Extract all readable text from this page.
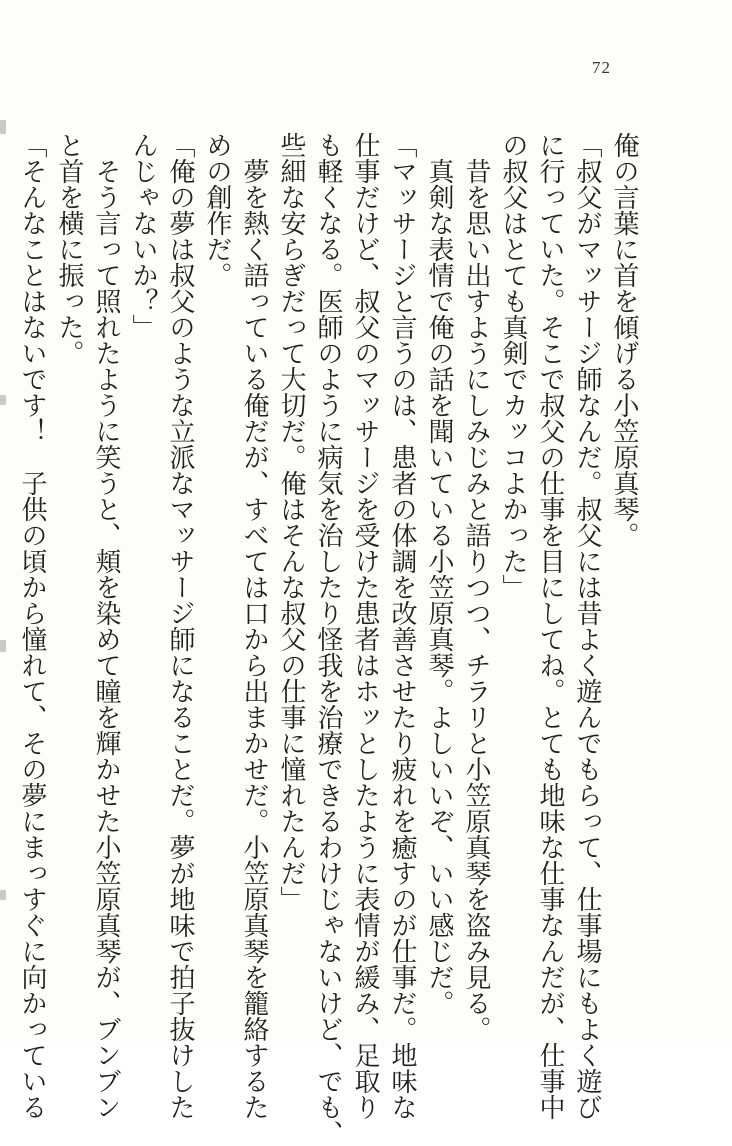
72
俺の言葉に首を傾げる小笠原真琴。
「叔父がマッサージ師なんだ。叔父には昔よく遊んでもらって、仕事場にもよく遊び
に行っていた。そこで叔父の仕事を目にしてね。とても地味な仕事なんだが、仕事中
の叔父はとても真剣でカッコよかった」
　昔を思い出すようにしみじみと語りつつ、チラリと小笠原真琴を盗み見る。
　真剣な表情で俺の話を聞いている小笠原真琴。よしいいぞ、いい感じだ。
「マッサージと言うのは、患者の体調を改善させたり疲れを癒すのが仕事だ。地味な
仕事だけど、叔父のマッサージを受けた患者はホッとしたように表情が緩み、足取り
も軽くなる。医師のように病気を治したり怪我を治療できるわけじゃないけど、でも、
些細な安らぎだって大切だ。俺はそんな叔父の仕事に憧れたんだ」
　夢を熱く語っている俺だが、すべては口から出まかせだ。小笠原真琴を籠絡するた
めの創作だ。
「俺の夢は叔父のような立派なマッサージ師になることだ。夢が地味で拍子抜けした
んじゃないか？」
　そう言って照れたように笑うと、頬を染めて瞳を輝かせた小笠原真琴が、ブンブン
と首を横に振った。
「そんなことはないです！　子供の頃から憧れて、その夢にまっすぐに向かっている
